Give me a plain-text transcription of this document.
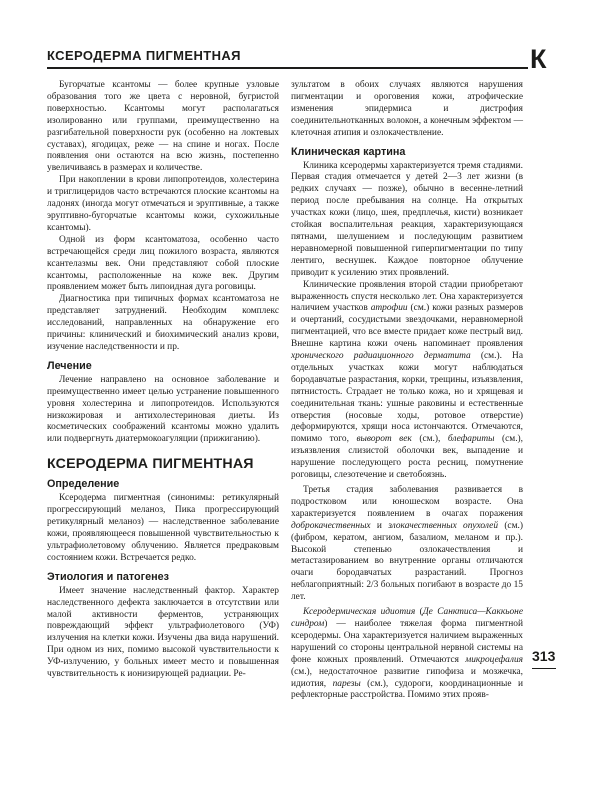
КСЕРОДЕРМА ПИГМЕНТНАЯ	К

Бугорчатые ксантомы — более крупные узловые образования того же цвета с неровной, бугристой поверхностью. Ксантомы могут располагаться изолированно или группами, преимущественно на разгибательной поверхности рук (особенно на локтевых суставах), ягодицах, реже — на спине и ногах. После появления они остаются на всю жизнь, постепенно увеличиваясь в размерах и количестве.

При накоплении в крови липопротеидов, холестерина и триглицеридов часто встречаются плоские ксантомы на ладонях (иногда могут отмечаться и эруптивные, а также эруптивно-бугорчатые ксантомы кожи, сухожильные ксантомы).

Одной из форм ксантоматоза, особенно часто встречающейся среди лиц пожилого возраста, являются ксантелазмы век. Они представляют собой плоские ксантомы, расположенные на коже век. Другим проявлением может быть липоидная дуга роговицы.

Диагностика при типичных формах ксантоматоза не представляет затруднений. Необходим комплекс исследований, направленных на обнаружение его причины: клинический и биохимический анализ крови, изучение наследственности и пр.

Лечение

Лечение направлено на основное заболевание и преимущественно имеет целью устранение повышенного уровня холестерина и липопротеидов. Используются низкожировая и антихолестериновая диеты. Из косметических соображений ксантомы можно удалить или подвергнуть диатермокоагуляции (прижиганию).

КСЕРОДЕРМА ПИГМЕНТНАЯ
Определение

Ксеродерма пигментная (синонимы: ретикулярный прогрессирующий меланоз, Пика прогрессирующий ретикулярный меланоз) — наследственное заболевание кожи, проявляющееся повышенной чувствительностью к ультрафиолетовому облучению. Является предраковым состоянием кожи. Встречается редко.

Этиология и патогенез

Имеет значение наследственный фактор. Характер наследственного дефекта заключается в отсутствии или малой активности ферментов, устраняющих повреждающий эффект ультрафиолетового (УФ) излучения на клетки кожи. Изучены два вида нарушений. При одном из них, помимо высокой чувствительности к УФ-излучению, у больных имеет место и повышенная чувствительность к ионизирующей радиации. Ре-

зультатом в обоих случаях являются нарушения пигментации и ороговения кожи, атрофические изменения эпидермиса и дистрофия соединительнотканных волокон, а конечным эффектом — клеточная атипия и озлокачествление.

Клиническая картина

Клиника ксеродермы характеризуется тремя стадиями. Первая стадия отмечается у детей 2—3 лет жизни (в редких случаях — позже), обычно в весенне-летний период после пребывания на солнце. На открытых участках кожи (лицо, шея, предплечья, кисти) возникает стойкая воспалительная реакция, характеризующаяся пятнами, шелушением и последующим развитием неравномерной повышенной гиперпигментации по типу лентиго, веснушек. Каждое повторное облучение приводит к усилению этих проявлений.

Клинические проявления второй стадии приобретают выраженность спустя несколько лет. Она характеризуется наличием участков атрофии (см.) кожи разных размеров и очертаний, сосудистыми звездочками, неравномерной пигментацией, что все вместе придает коже пестрый вид. Внешне картина кожи очень напоминает проявления хронического радиационного дерматита (см.). На отдельных участках кожи могут наблюдаться бородавчатые разрастания, корки, трещины, изъязвления, пятнистость. Страдает не только кожа, но и хрящевая и соединительная ткань: ушные раковины и естественные отверстия (носовые ходы, ротовое отверстие) деформируются, хрящи носа истончаются. Отмечаются, помимо того, выворот век (см.), блефариты (см.), изъязвления слизистой оболочки век, выпадение и нарушение последующего роста ресниц, помутнение роговицы, слезотечение и светобоязнь.

Третья стадия заболевания развивается в подростковом или юношеском возрасте. Она характеризуется появлением в очагах поражения доброкачественных и злокачественных опухолей (см.) (фибром, кератом, ангиом, базалиом, меланом и пр.). Высокой степенью озлокачествления и метастазированием во внутренние органы отличаются очаги бородавчатых разрастаний. Прогноз неблагоприятный: 2/3 больных погибают в возрасте до 15 лет.

Ксеродермическая идиотия (Де Санктиса—Каккьоне синдром) — наиболее тяжелая форма пигментной ксеродермы. Она характеризуется наличием выраженных нарушений со стороны центральной нервной системы на фоне кожных проявлений. Отмечаются микроцефалия (см.), недостаточное развитие гипофиза и мозжечка, идиотия, парезы (см.), судороги, координационные и рефлекторные расстройства. Помимо этих прояв-

313
